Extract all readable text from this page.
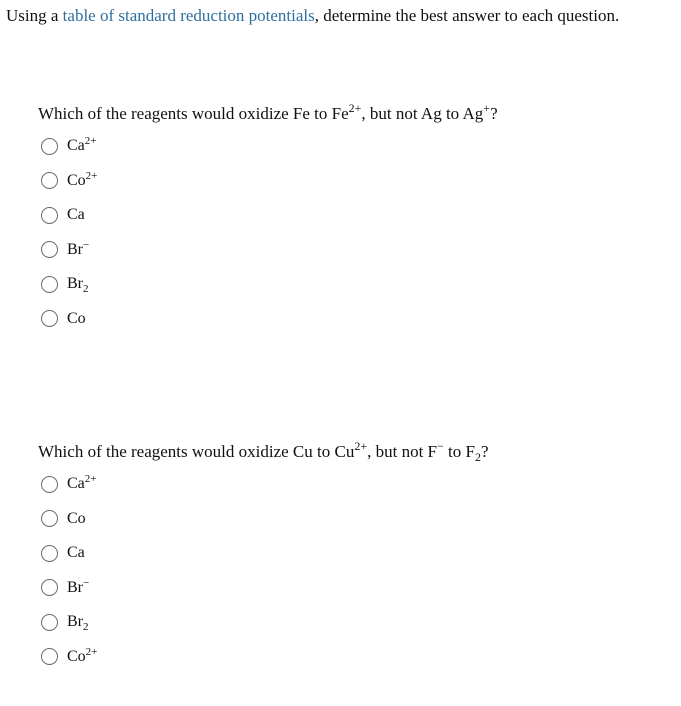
Using a table of standard reduction potentials, determine the best answer to each question.
Which of the reagents would oxidize Fe to $Fe^{2+}$, but not Ag to Ag+?
$Ca^{2+}$
$Co^{2+}$
Ca
Br−
$Br_2$
Co
Which of the reagents would oxidize Cu to $Cu^{2+}$, but not F− to $F_2$?
$Ca^{2+}$
Co
Ca
Br−
$Br_2$
$Co^{2+}$
